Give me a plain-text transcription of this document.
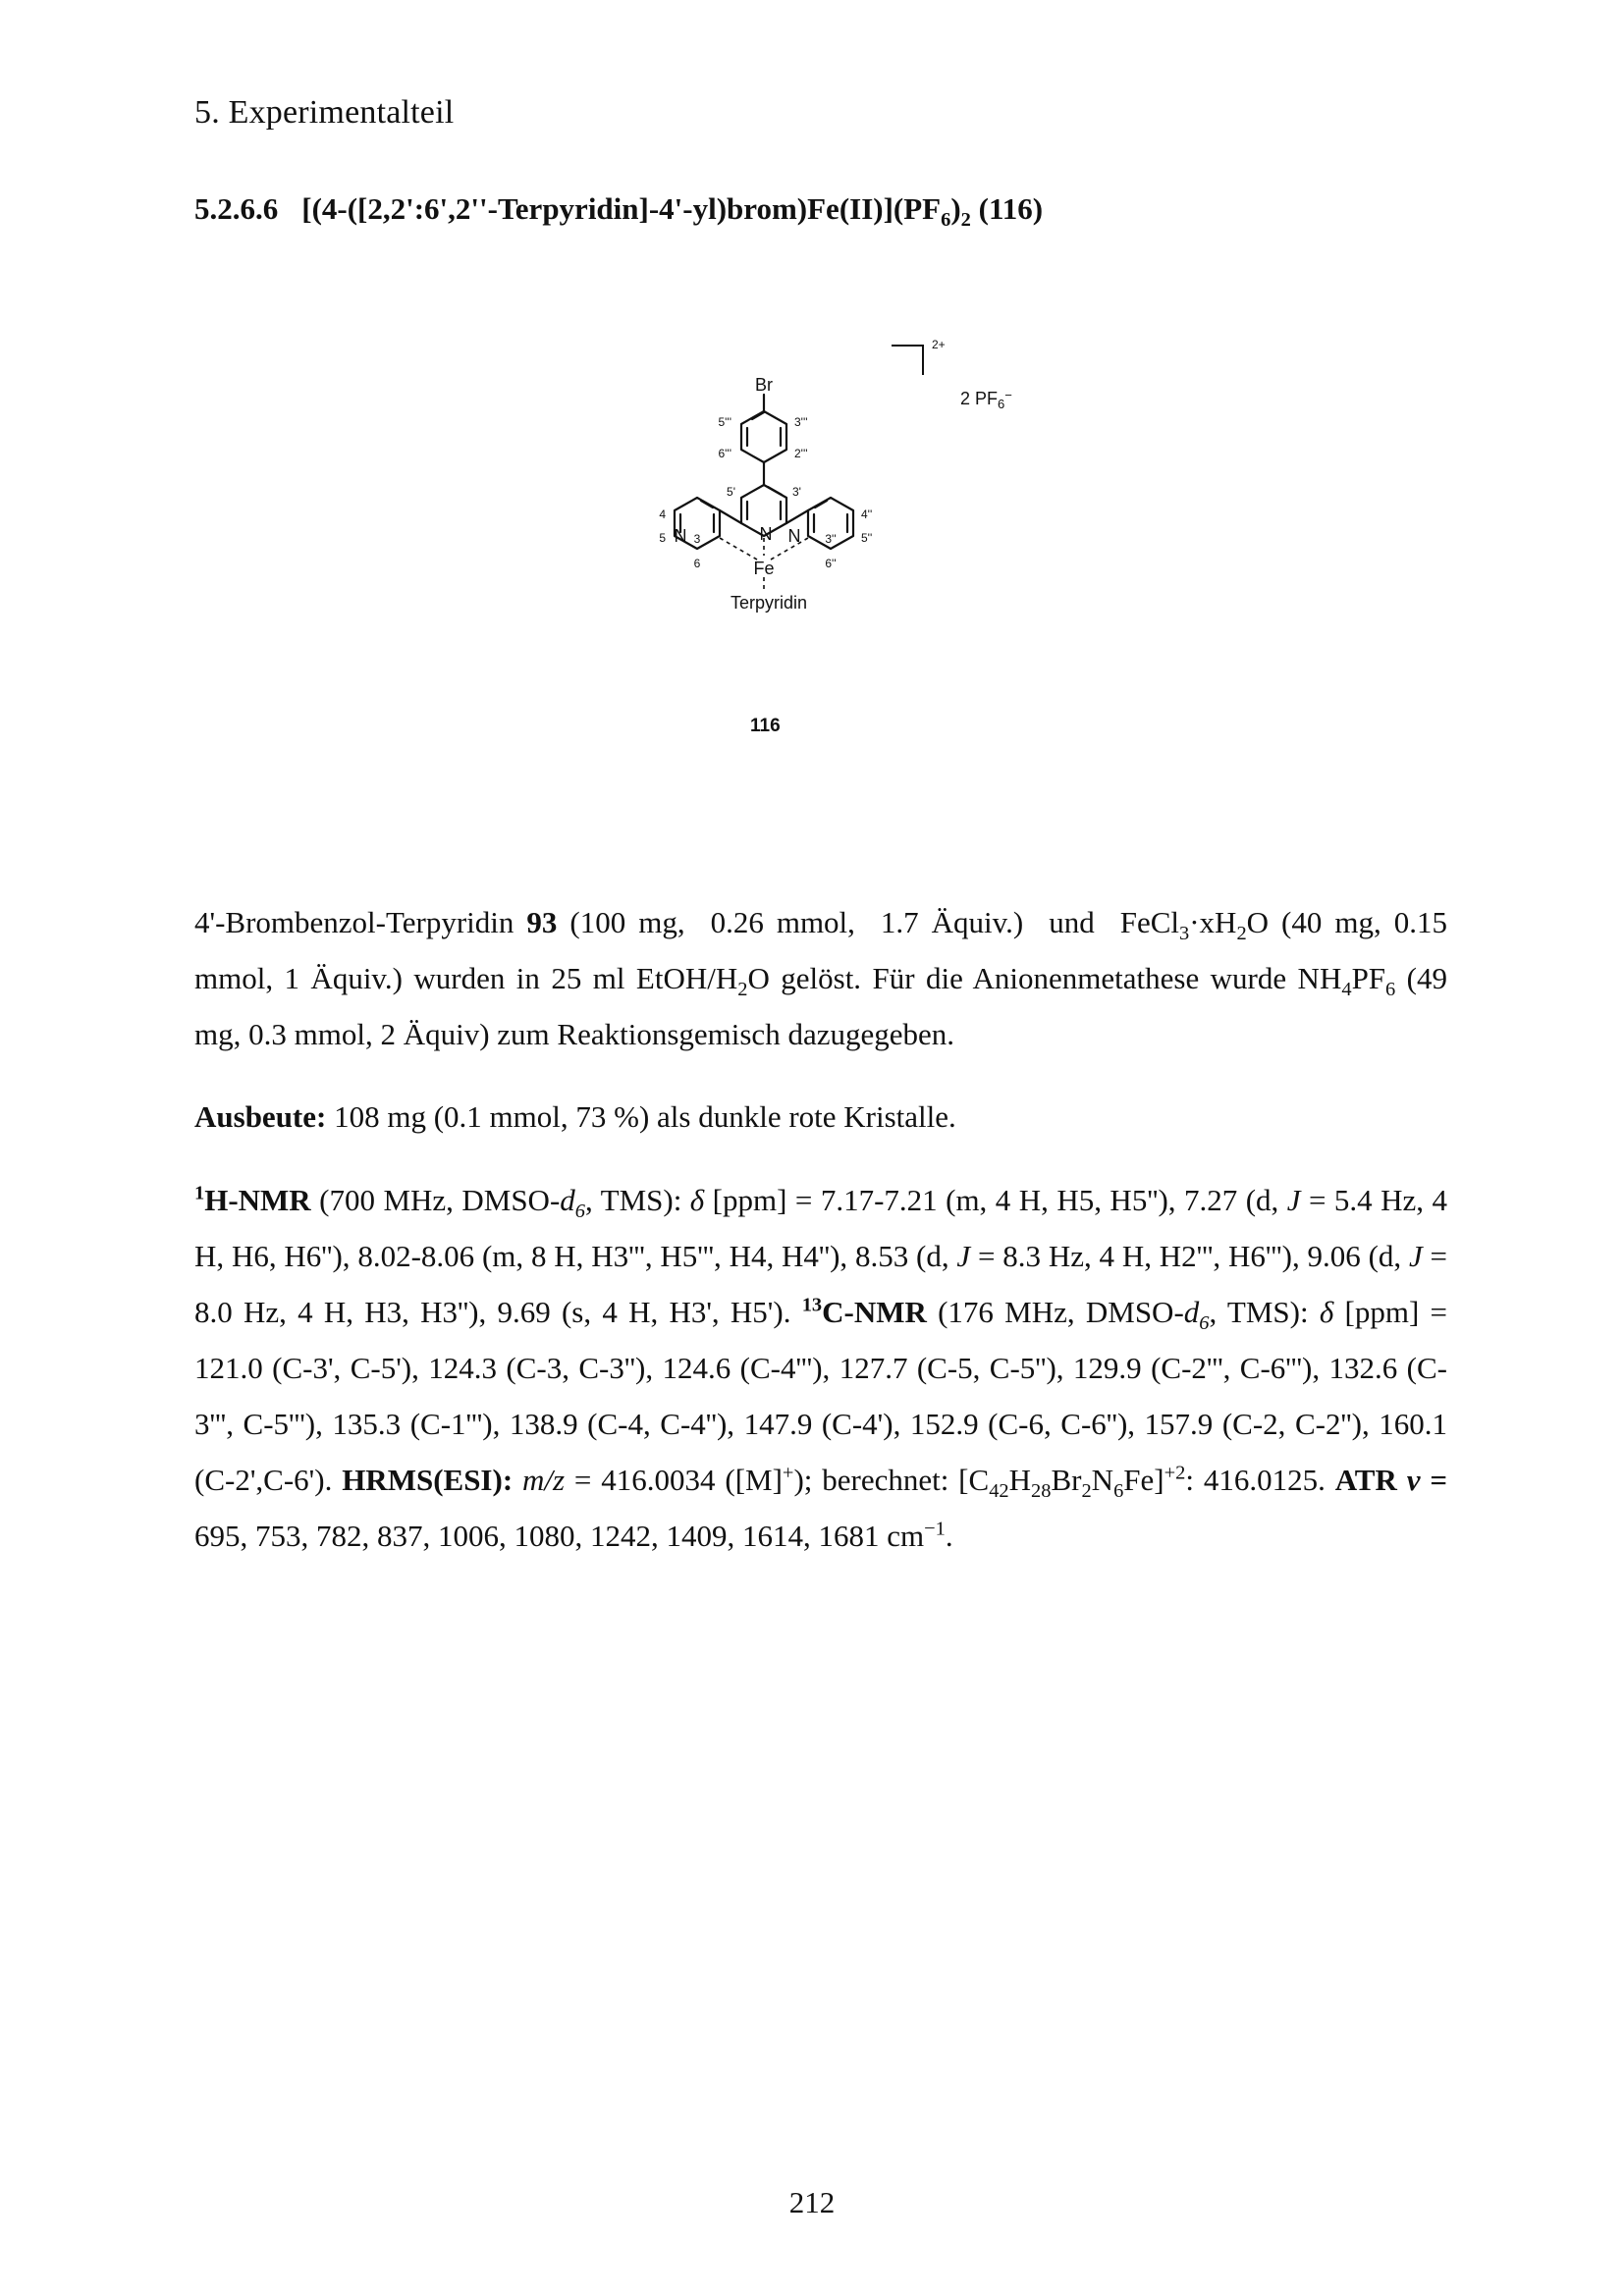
5. Experimentalteil
5.2.6.6 $[(4-([2,2':6',2''-Terpyridin]-4'-yl)brom)Fe(II)](PF_6)_2$ (116)
Br
2+
2 PF6−
N
N	N
Fe
Terpyridin
5'''	3'''
6'''	2'''
5'	3'
3
4
5
6
3''
4''
5''
6''
116

4'-Brombenzol-Terpyridin 93 (100 mg,  0.26 mmol,  1.7 Äquiv.)  und  $FeCl_3\cdot xH_2O$ (40 mg, 0.15 mmol, 1 Äquiv.) wurden in 25 ml EtOH/$H_2O$ gelöst. Für die Anionenmetathese wurde $NH_4PF_6$ (49 mg, 0.3 mmol, 2 Äquiv) zum Reaktionsgemisch dazugegeben.

Ausbeute: 108 mg (0.1 mmol, 73 %) als dunkle rote Kristalle.

$^1$H-NMR (700 MHz, DMSO-$d_6$, TMS): δ [ppm] = 7.17-7.21 (m, 4 H, H5, H5''), 7.27 (d, J = 5.4 Hz, 4 H, H6, H6''), 8.02-8.06 (m, 8 H, H3''', H5''', H4, H4''), 8.53 (d, J = 8.3 Hz, 4 H, H2''', H6'''), 9.06 (d, J = 8.0 Hz, 4 H, H3, H3''), 9.69 (s, 4 H, H3', H5'). $^{13}$C-NMR (176 MHz, DMSO-$d_6$, TMS): δ [ppm] = 121.0 (C-3', C-5'), 124.3 (C-3, C-3''), 124.6 (C-4'''), 127.7 (C-5, C-5''), 129.9 (C-2''', C-6'''), 132.6 (C-3''', C-5'''), 135.3 (C-1'''), 138.9 (C-4, C-4''), 147.9 (C-4'), 152.9 (C-6, C-6''), 157.9 (C-2, C-2''), 160.1 (C-2',C-6'). HRMS(ESI): m/z = 416.0034 ([M]+); berechnet: $[C_{42}H_{28}Br_2N_6Fe]^{+2}$: 416.0125. ATR ν = 695, 753, 782, 837, 1006, 1080, 1242, 1409, 1614, 1681 $cm^{-1}$.

212
